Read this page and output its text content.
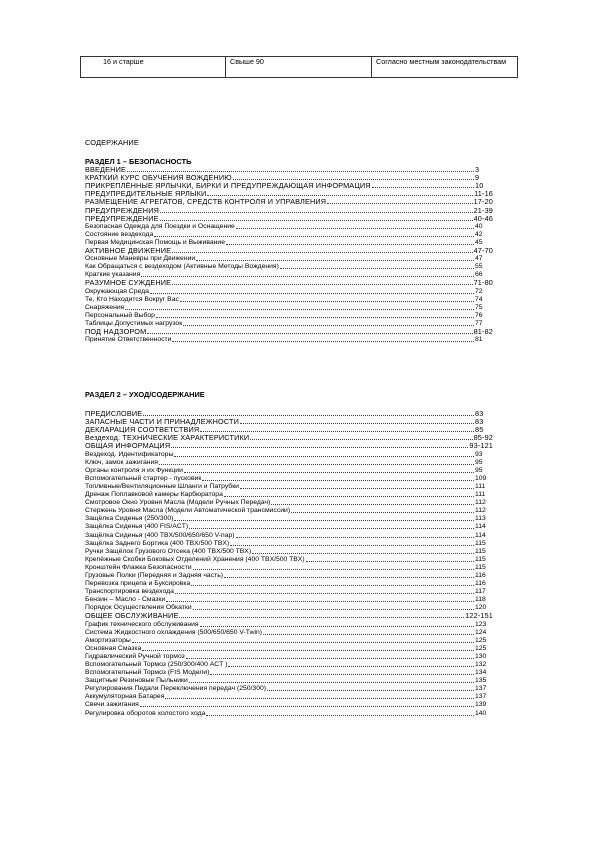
16 и старше	Свыше 90	Согласно местным законодательствам
СОДЕРЖАНИЕ
РАЗДЕЛ 1 – БЕЗОПАСНОСТЬ
ВВЕДЕНИЕ	3
КРАТКИЙ КУРС ОБУЧЕНИЯ ВОЖДЕНИЮ	9
ПРИКРЕПЛЁННЫЕ ЯРЛЫЧКИ, БИРКИ И ПРЕДУПРЕЖДАЮЩАЯ ИНФОРМАЦИЯ	10
ПРЕДУПРЕДИТЕЛЬНЫЕ ЯРЛЫКИ	11-16
РАЗМЕЩЕНИЕ АГРЕГАТОВ, СРЕДСТВ КОНТРОЛЯ И УПРАВЛЕНИЯ	17-20
ПРЕДУПРЕЖДЕНИЯ	21-39
ПРЕДУПРЕЖДЕНИЕ	40-46
Безопасная Одежда для Поездки и Оснащение	40
Состояние вездехода	42
Первая Медицинская Помощь и Выживание	45
АКТИВНОЕ ДВИЖЕНИЕ	47-70
Основные Маневры при Движении	47
Как Обращаться с вездеходом (Активные Методы Вождения)	55
Краткие указания	66
РАЗУМНОЕ СУЖДЕНИЕ	71-80
Окружающая Среда	72
Те, Кто Находится Вокруг Вас	74
Снаряжение	75
Персональный Выбор	76
Таблицы Допустимых нагрузок	77
ПОД НАДЗОРОМ	81-82
Принятие Ответственности	81
РАЗДЕЛ 2 – УХОД/СОДЕРЖАНИЕ
ПРЕДИСЛОВИЕ	83
ЗАПАСНЫЕ ЧАСТИ И ПРИНАДЛЕЖНОСТИ	83
ДЕКЛАРАЦИЯ СООТВЕТСТВИЯ	85
Вездеход. ТЕХНИЧЕСКИЕ ХАРАКТЕРИСТИКИ	85-92
ОБЩАЯ ИНФОРМАЦИЯ	93-121
Вездеход. Идентификаторы	93
Ключ, замок зажигания	95
Органы контроля и их Функции	95
Вспомогательный стартер - пусковик	109
Топливные/Вентиляционные Шланги и Патрубки	111
Дренаж Поплавковой камеры Карбюратора	111
Смотровое Окно Уровня Масла (Модели Ручных Передач)	112
Стержень Уровня Масла (Модели Автоматической трансмиссии)	112
Защёлка Сиденья (250/300)	113
Защёлка Сиденья (400 FIS/ACT)	114
Защёлка Сиденья (400 TBX/500/650/650 V-пар)	114
Защёлка Заднего Бортика (400 TBX/500 TBX)	115
Ручки Защёлок Грузового Отсека (400 TBX/500 TBX)	115
Крепёжные Скобки Боковых Отделений Хранения (400 TBX/500 TBX)	115
Кронштейн Флажка Безопасности	115
Грузовые Полки (Передняя и Задняя часть)	116
Перевозка прицепа и Буксировка	116
Транспортировка вездехода	117
Бензин – Масло - Смазки	118
Порядок Осуществления Обкатки	120
ОБЩЕЕ ОБСЛУЖИВАНИЕ	122-151
График технического обслуживания	123
Система Жидкостного охлаждения (500/650/650 V-Twin)	124
Амортизаторы	125
Основная Смазка	125
Гидравлический Ручной тормоз	130
Вспомогательный Тормоз (250/300/400 ACT )	132
Вспомогательный Тормоз (FIS Модели)	134
Защитные Резиновые Пыльники	135
Регулирования Педали Переключения передач (250/300)	137
Аккумуляторная Батарея	137
Свечи зажигания	139
Регулировка оборотов холостого хода	140
